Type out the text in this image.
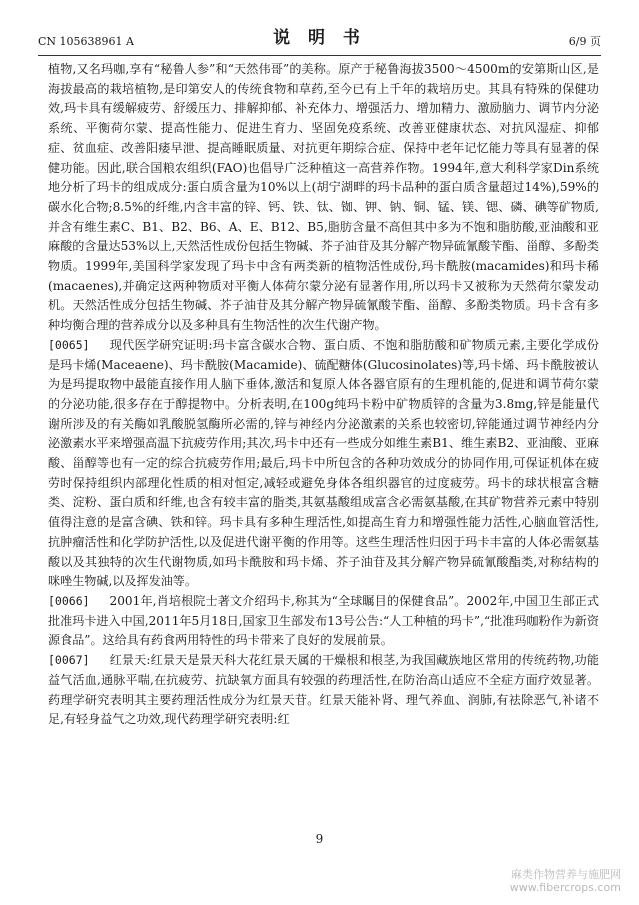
CN 105638961 A	说 明 书	6/9 页

植物,又名玛咖,享有“秘鲁人参”和“天然伟哥”的美称。原产于秘鲁海拔3500～4500m的安第斯山区,是海拔最高的栽培植物,是印第安人的传统食物和草药,至今已有上千年的栽培历史。其具有特殊的保健功效,玛卡具有缓解疲劳、舒缓压力、排解抑郁、补充体力、增强活力、增加精力、激励脑力、调节内分泌系统、平衡荷尔蒙、提高性能力、促进生育力、坚固免疫系统、改善亚健康状态、对抗风湿症、抑郁症、贫血症、改善阳痿早泄、提高睡眠质量、对抗更年期综合症、保持中老年记忆能力等具有显著的保健功能。因此,联合国粮农组织(FAO)也倡导广泛种植这一高营养作物。1994年,意大利科学家Din系统地分析了玛卡的组成成分:蛋白质含量为10%以上(胡宁湖畔的玛卡品种的蛋白质含量超过14%),59%的碳水化合物;8.5%的纤维,内含丰富的锌、钙、铁、钛、铷、钾、钠、铜、锰、镁、锶、磷、碘等矿物质,并含有维生素C、B1、B2、B6、A、E、B12、B5,脂肪含量不高但其中多为不饱和脂肪酸,亚油酸和亚麻酸的含量达53%以上,天然活性成份包括生物碱、芥子油苷及其分解产物异硫氰酸苄酯、甾醇、多酚类物质。1999年,美国科学家发现了玛卡中含有两类新的植物活性成份,玛卡酰胺(macamides)和玛卡稀(macaenes),并确定这两种物质对平衡人体荷尔蒙分泌有显著作用,所以玛卡又被称为天然荷尔蒙发动机。天然活性成分包括生物碱、芥子油苷及其分解产物异硫氰酸苄酯、甾醇、多酚类物质。玛卡含有多种均衡合理的营养成分以及多种具有生物活性的次生代谢产物。

[0065] 现代医学研究证明:玛卡富含碳水合物、蛋白质、不饱和脂肪酸和矿物质元素,主要化学成份是玛卡烯(Maceaene)、玛卡酰胺(Macamide)、硫配糖体(Glucosinolates)等,玛卡烯、玛卡酰胺被认为是玛提取物中最能直接作用人脑下垂体,激活和复原人体各器官原有的生理机能的,促进和调节荷尔蒙的分泌功能,很多存在于醇提物中。分析表明,在100g纯玛卡粉中矿物质锌的含量为3.8mg,锌是能量代谢所涉及的有关酶如乳酸脱氢酶所必需的,锌与神经内分泌激素的关系也较密切,锌能通过调节神经内分泌激素水平来增强高温下抗疲劳作用;其次,玛卡中还有一些成分如维生素B1、维生素B2、亚油酸、亚麻酸、甾醇等也有一定的综合抗疲劳作用;最后,玛卡中所包含的各种功效成分的协同作用,可保证机体在疲劳时保持组织内部理化性质的相对恒定,减轻或避免身体各组织器官的过度疲劳。玛卡的球状根富含糖类、淀粉、蛋白质和纤维,也含有较丰富的脂类,其氨基酸组成富含必需氨基酸,在其矿物营养元素中特别值得注意的是富含碘、铁和锌。玛卡具有多种生理活性,如提高生育力和增强性能力活性,心脑血管活性,抗肿瘤活性和化学防护活性,以及促进代谢平衡的作用等。这些生理活性归因于玛卡丰富的人体必需氨基酸以及其独特的次生代谢物质,如玛卡酰胺和玛卡烯、芥子油苷及其分解产物异硫氰酸酯类,对称结构的咪唑生物碱,以及挥发油等。

[0066] 2001年,肖培根院士著文介绍玛卡,称其为“全球瞩目的保健食品”。2002年,中国卫生部正式批准玛卡进入中国,2011年5月18日,国家卫生部发布13号公告:“人工种植的玛卡”,“批准玛咖粉作为新资源食品”。这给具有药食两用特性的玛卡带来了良好的发展前景。

[0067] 红景天:红景天是景天科大花红景天属的干燥根和根茎,为我国藏族地区常用的传统药物,功能益气活血,通脉平喘,在抗疲劳、抗缺氧方面具有较强的药理活性,在防治高山适应不全症方面疗效显著。药理学研究表明其主要药理活性成分为红景天苷。红景天能补肾、理气养血、润肺,有祛除恶气,补诸不足,有轻身益气之功效,现代药理学研究表明:红

9
麻类作物营养与施肥网
www.fibercrops.com
